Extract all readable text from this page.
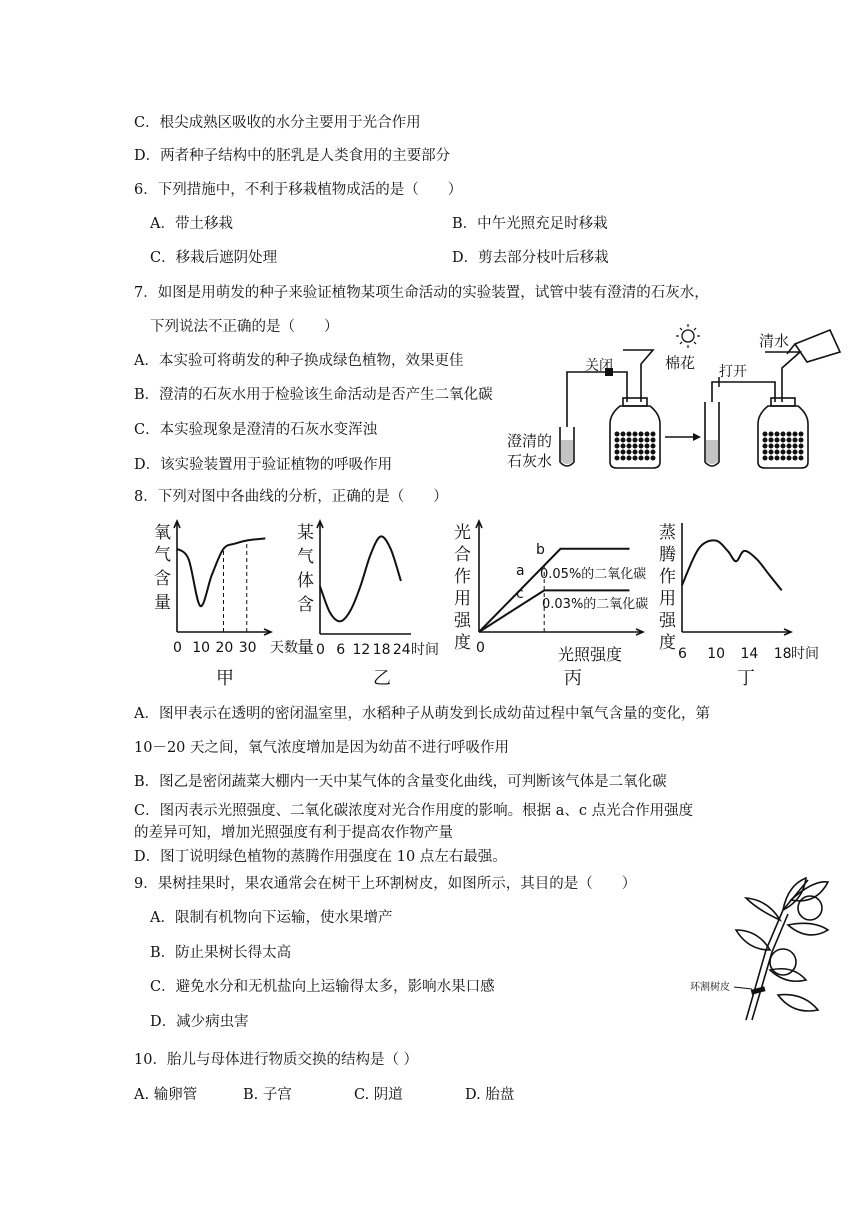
C．根尖成熟区吸收的水分主要用于光合作用
D．两者种子结构中的胚乳是人类食用的主要部分
6．下列措施中，不利于移栽植物成活的是（　　）
A．带土移栽	B．中午光照充足时移栽
C．移栽后遮阴处理	D．剪去部分枝叶后移栽
7．如图是用萌发的种子来验证植物某项生命活动的实验装置，试管中装有澄清的石灰水，
下列说法不正确的是（　　）
A．本实验可将萌发的种子换成绿色植物，效果更佳
B．澄清的石灰水用于检验该生命活动是否产生二氧化碳
C．本实验现象是澄清的石灰水变浑浊
D．该实验装置用于验证植物的呼吸作用
关闭	棉花 打开
清水
澄清的
石灰水
8．下列对图中各曲线的分析，正确的是（　　）
氧
气
含
量
0 10 20 30 天数
甲
某
气
体
含
量 0 6 12 18 24 时间
乙
光
合
作
用
强
度
a
b
c
0.05%的二氧化碳
0.03%的二氧化碳
0	光照强度
丙
蒸
腾
作
用
强
度
6 10 14 18 时间
丁
A．图甲表示在透明的密闭温室里，水稻种子从萌发到长成幼苗过程中氧气含量的变化，第
10－20 天之间，氧气浓度增加是因为幼苗不进行呼吸作用
B．图乙是密闭蔬菜大棚内一天中某气体的含量变化曲线，可判断该气体是二氧化碳
C．图丙表示光照强度、二氧化碳浓度对光合作用度的影响。根据 a、c 点光合作用强度
的差异可知，增加光照强度有利于提高农作物产量
D．图丁说明绿色植物的蒸腾作用强度在 10 点左右最强。
9．果树挂果时，果农通常会在树干上环割树皮，如图所示，其目的是（　　）
A．限制有机物向下运输，使水果增产
B．防止果树长得太高
C．避免水分和无机盐向上运输得太多，影响水果口感
D．减少病虫害
环割树皮
10．胎儿与母体进行物质交换的结构是（ ）
A. 输卵管	B. 子宫	C. 阴道	D. 胎盘
